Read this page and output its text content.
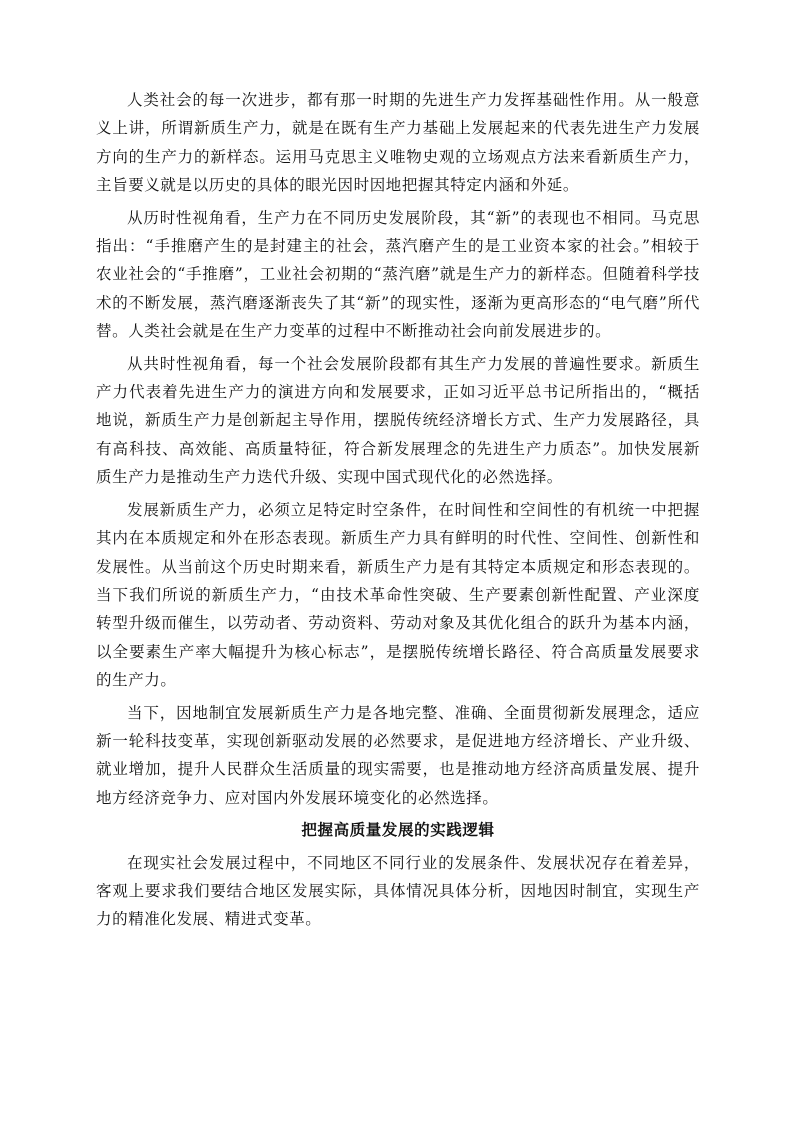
人类社会的每一次进步，都有那一时期的先进生产力发挥基础性作用。从一般意义上讲，所谓新质生产力，就是在既有生产力基础上发展起来的代表先进生产力发展方向的生产力的新样态。运用马克思主义唯物史观的立场观点方法来看新质生产力，主旨要义就是以历史的具体的眼光因时因地把握其特定内涵和外延。

从历时性视角看，生产力在不同历史发展阶段，其“新”的表现也不相同。马克思指出：“手推磨产生的是封建主的社会，蒸汽磨产生的是工业资本家的社会。”相较于农业社会的“手推磨”，工业社会初期的“蒸汽磨”就是生产力的新样态。但随着科学技术的不断发展，蒸汽磨逐渐丧失了其“新”的现实性，逐渐为更高形态的“电气磨”所代替。人类社会就是在生产力变革的过程中不断推动社会向前发展进步的。

从共时性视角看，每一个社会发展阶段都有其生产力发展的普遍性要求。新质生产力代表着先进生产力的演进方向和发展要求，正如习近平总书记所指出的，“概括地说，新质生产力是创新起主导作用，摆脱传统经济增长方式、生产力发展路径，具有高科技、高效能、高质量特征，符合新发展理念的先进生产力质态”。加快发展新质生产力是推动生产力迭代升级、实现中国式现代化的必然选择。

发展新质生产力，必须立足特定时空条件，在时间性和空间性的有机统一中把握其内在本质规定和外在形态表现。新质生产力具有鲜明的时代性、空间性、创新性和发展性。从当前这个历史时期来看，新质生产力是有其特定本质规定和形态表现的。当下我们所说的新质生产力，“由技术革命性突破、生产要素创新性配置、产业深度转型升级而催生，以劳动者、劳动资料、劳动对象及其优化组合的跃升为基本内涵，以全要素生产率大幅提升为核心标志”，是摆脱传统增长路径、符合高质量发展要求的生产力。

当下，因地制宜发展新质生产力是各地完整、准确、全面贯彻新发展理念，适应新一轮科技变革，实现创新驱动发展的必然要求，是促进地方经济增长、产业升级、就业增加，提升人民群众生活质量的现实需要，也是推动地方经济高质量发展、提升地方经济竞争力、应对国内外发展环境变化的必然选择。

把握高质量发展的实践逻辑

在现实社会发展过程中，不同地区不同行业的发展条件、发展状况存在着差异，客观上要求我们要结合地区发展实际，具体情况具体分析，因地因时制宜，实现生产力的精准化发展、精进式变革。
